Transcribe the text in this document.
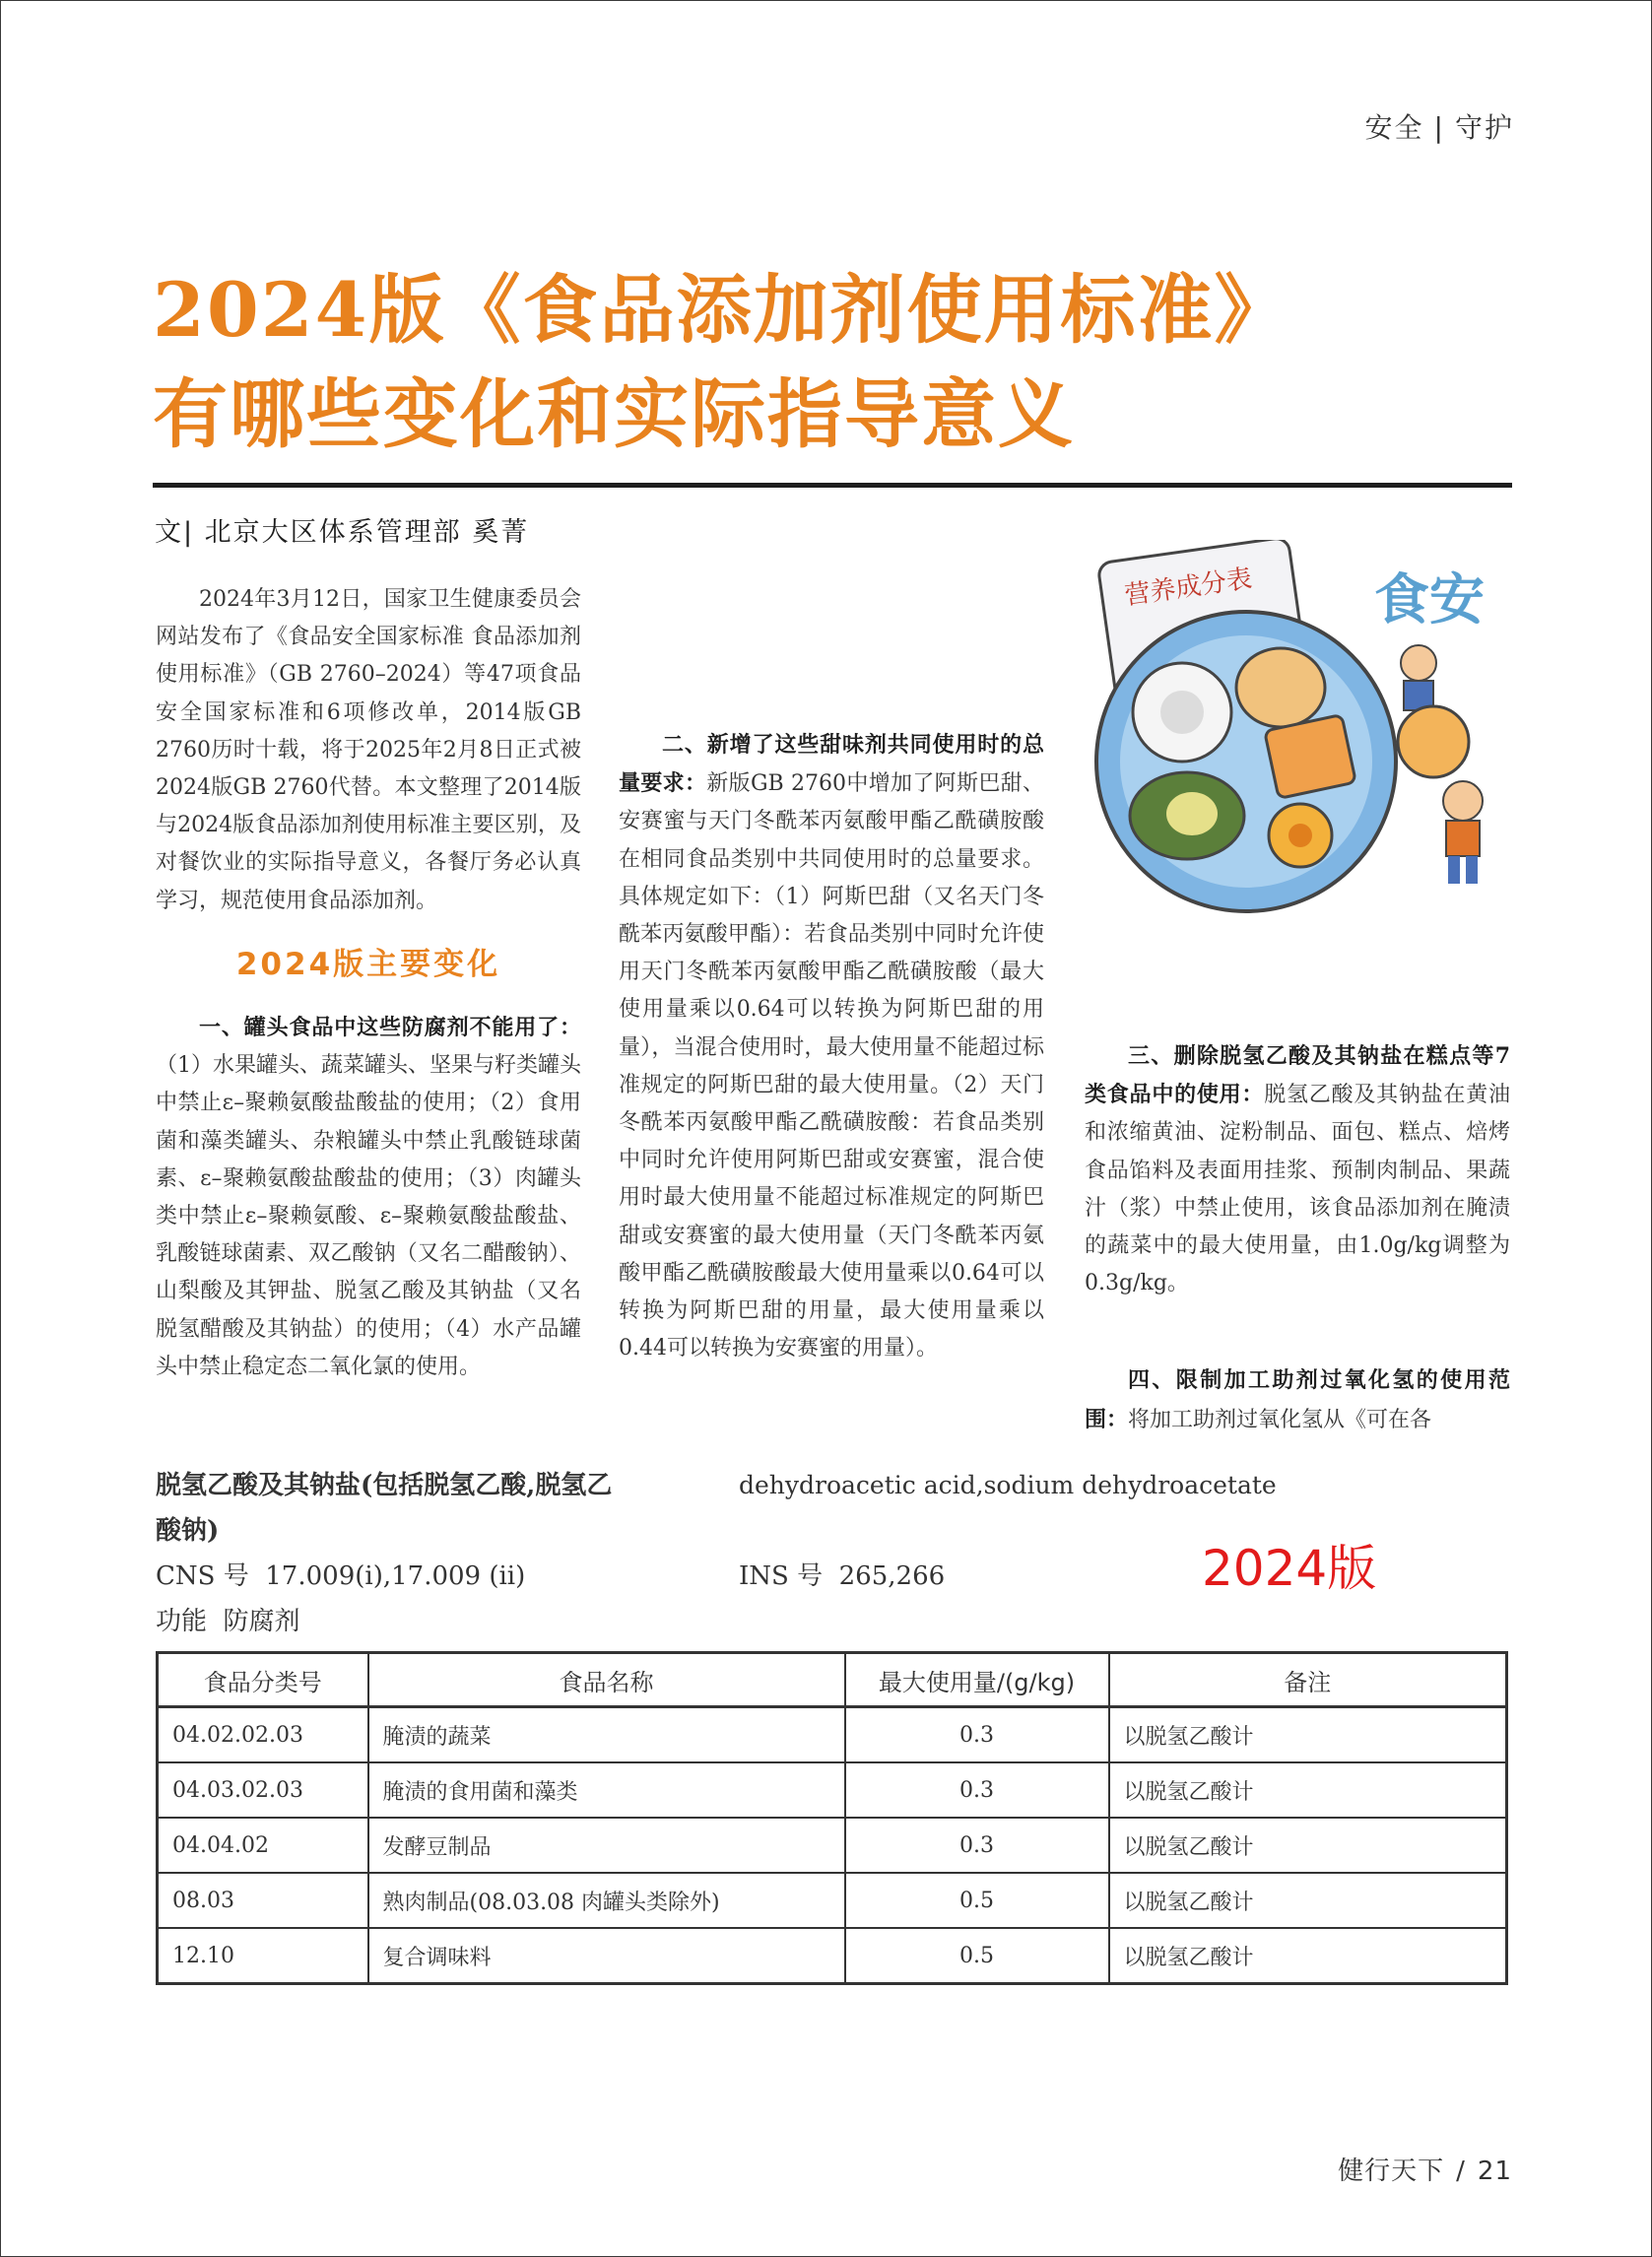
安全 | 守护
2024版《食品添加剂使用标准》
有哪些变化和实际指导意义
文| 北京大区体系管理部 奚菁

2024年3月12日，国家卫生健康委员会网站发布了《食品安全国家标准 食品添加剂使用标准》（GB 2760–2024）等47项食品安全国家标准和6项修改单，2014版GB 2760历时十载，将于2025年2月8日正式被2024版GB 2760代替。本文整理了2014版与2024版食品添加剂使用标准主要区别，及对餐饮业的实际指导意义，各餐厅务必认真学习，规范使用食品添加剂。

2024版主要变化

一、罐头食品中这些防腐剂不能用了：（1）水果罐头、蔬菜罐头、坚果与籽类罐头中禁止ε–聚赖氨酸盐酸盐的使用；（2）食用菌和藻类罐头、杂粮罐头中禁止乳酸链球菌素、ε–聚赖氨酸盐酸盐的使用；（3）肉罐头类中禁止ε–聚赖氨酸、ε–聚赖氨酸盐酸盐、乳酸链球菌素、双乙酸钠（又名二醋酸钠）、山梨酸及其钾盐、脱氢乙酸及其钠盐（又名脱氢醋酸及其钠盐）的使用；（4）水产品罐头中禁止稳定态二氧化氯的使用。

二、新增了这些甜味剂共同使用时的总量要求：新版GB 2760中增加了阿斯巴甜、安赛蜜与天门冬酰苯丙氨酸甲酯乙酰磺胺酸在相同食品类别中共同使用时的总量要求。具体规定如下：（1）阿斯巴甜（又名天门冬酰苯丙氨酸甲酯）：若食品类别中同时允许使用天门冬酰苯丙氨酸甲酯乙酰磺胺酸（最大使用量乘以0.64可以转换为阿斯巴甜的用量），当混合使用时，最大使用量不能超过标准规定的阿斯巴甜的最大使用量。（2）天门冬酰苯丙氨酸甲酯乙酰磺胺酸：若食品类别中同时允许使用阿斯巴甜或安赛蜜，混合使用时最大使用量不能超过标准规定的阿斯巴甜或安赛蜜的最大使用量（天门冬酰苯丙氨酸甲酯乙酰磺胺酸最大使用量乘以0.64可以转换为阿斯巴甜的用量，最大使用量乘以0.44可以转换为安赛蜜的用量）。

营养成分表 食安

三、删除脱氢乙酸及其钠盐在糕点等7类食品中的使用：脱氢乙酸及其钠盐在黄油和浓缩黄油、淀粉制品、面包、糕点、焙烤食品馅料及表面用挂浆、预制肉制品、果蔬汁（浆）中禁止使用，该食品添加剂在腌渍的蔬菜中的最大使用量，由1.0g/kg调整为0.3g/kg。

四、限制加工助剂过氧化氢的使用范围：将加工助剂过氧化氢从《可在各

脱氢乙酸及其钠盐(包括脱氢乙酸,脱氢乙	dehydroacetic acid,sodium dehydroacetate
酸钠)
CNS 号 17.009(i),17.009 (ii)	INS 号 265,266	2024版
功能 防腐剂
食品分类号	食品名称	最大使用量/(g/kg)	备注
04.02.02.03	腌渍的蔬菜	0.3	以脱氢乙酸计
04.03.02.03	腌渍的食用菌和藻类	0.3	以脱氢乙酸计
04.04.02	发酵豆制品	0.3	以脱氢乙酸计
08.03	熟肉制品(08.03.08 肉罐头类除外)	0.5	以脱氢乙酸计
12.10	复合调味料	0.5	以脱氢乙酸计
健行天下 / 21
